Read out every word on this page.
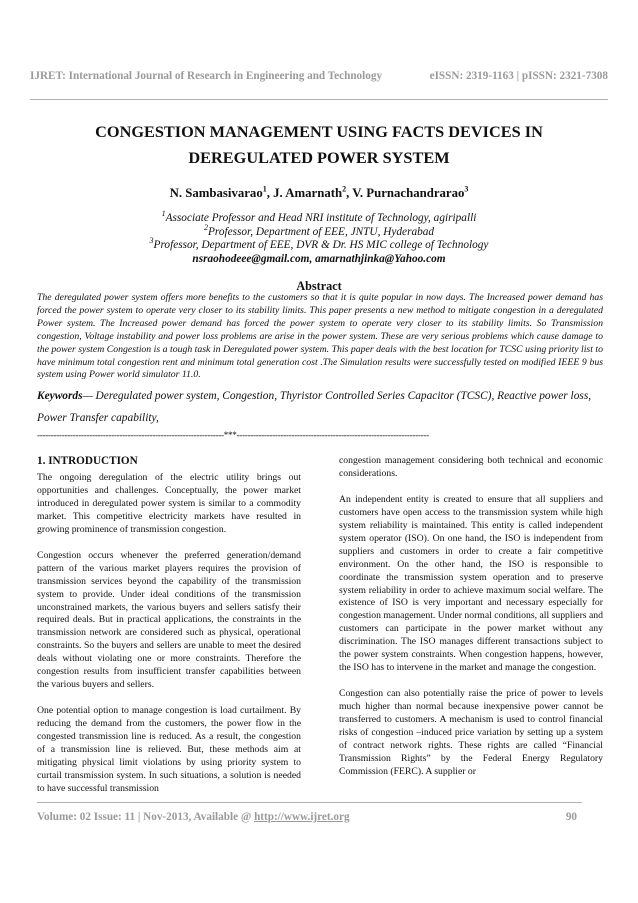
IJRET: International Journal of Research in Engineering and Technology	eISSN: 2319-1163 | pISSN: 2321-7308
CONGESTION MANAGEMENT USING FACTS DEVICES IN
DEREGULATED POWER SYSTEM
N. Sambasivarao$^1$, J. Amarnath$^2$, V. Purnachandrarao$^3$
$^1$Associate Professor and Head NRI institute of Technology, agiripalli
$^2$Professor, Department of EEE, JNTU, Hyderabad
$^3$Professor, Department of EEE, DVR & Dr. HS MIC college of Technology
nsraohodeee@gmail.com, amarnathjinka@Yahoo.com
Abstract
The deregulated power system offers more benefits to the customers so that it is quite popular in now days. The Increased power demand has forced the power system to operate very closer to its stability limits. This paper presents a new method to mitigate congestion in a deregulated Power system. The Increased power demand has forced the power system to operate very closer to its stability limits. So Transmission congestion, Voltage instability and power loss problems are arise in the power system. These are very serious problems which cause damage to the power system Congestion is a tough task in Deregulated power system. This paper deals with the best location for TCSC using priority list to have minimum total congestion rent and minimum total generation cost .The Simulation results were successfully tested on modified IEEE 9 bus system using Power world simulator 11.0.
Keywords— Deregulated power system, Congestion, Thyristor Controlled Series Capacitor (TCSC), Reactive power loss, Power Transfer capability,
--------------------------------------------------------------------***----------------------------------------------------------------------
1. INTRODUCTION

The ongoing deregulation of the electric utility brings out opportunities and challenges. Conceptually, the power market introduced in deregulated power system is similar to a commodity market. This competitive electricity markets have resulted in growing prominence of transmission congestion.

Congestion occurs whenever the preferred generation/demand pattern of the various market players requires the provision of transmission services beyond the capability of the transmission system to provide. Under ideal conditions of the transmission unconstrained markets, the various buyers and sellers satisfy their required deals. But in practical applications, the constraints in the transmission network are considered such as physical, operational constraints. So the buyers and sellers are unable to meet the desired deals without violating one or more constraints. Therefore the congestion results from insufficient transfer capabilities between the various buyers and sellers.

One potential option to manage congestion is load curtailment. By reducing the demand from the customers, the power flow in the congested transmission line is reduced. As a result, the congestion of a transmission line is relieved. But, these methods aim at mitigating physical limit violations by using priority system to curtail transmission system. In such situations, a solution is needed to have successful transmission

congestion management considering both technical and economic considerations.

An independent entity is created to ensure that all suppliers and customers have open access to the transmission system while high system reliability is maintained. This entity is called independent system operator (ISO). On one hand, the ISO is independent from suppliers and customers in order to create a fair competitive environment. On the other hand, the ISO is responsible to coordinate the transmission system operation and to preserve system reliability in order to achieve maximum social welfare. The existence of ISO is very important and necessary especially for congestion management. Under normal conditions, all suppliers and customers can participate in the power market without any discrimination. The ISO manages different transactions subject to the power system constraints. When congestion happens, however, the ISO has to intervene in the market and manage the congestion.

Congestion can also potentially raise the price of power to levels much higher than normal because inexpensive power cannot be transferred to customers. A mechanism is used to control financial risks of congestion –induced price variation by setting up a system of contract network rights. These rights are called “Financial Transmission Rights” by the Federal Energy Regulatory Commission (FERC). A supplier or

Volume: 02 Issue: 11 | Nov-2013, Available @ http://www.ijret.org	90
